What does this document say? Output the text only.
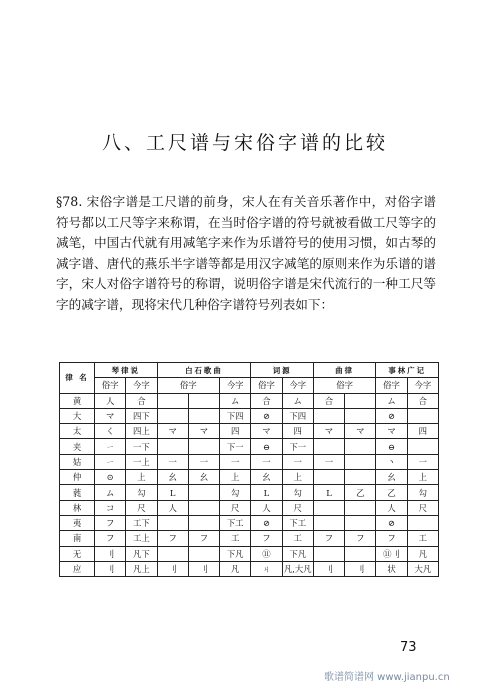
八、工尺谱与宋俗字谱的比较
§78. 宋俗字谱是工尺谱的前身，宋人在有关音乐著作中，对俗字谱符号都以工尺等字来称谓，在当时俗字谱的符号就被看做工尺等字的减笔，中国古代就有用减笔字来作为乐谱符号的使用习惯，如古琴的减字谱、唐代的燕乐半字谱等都是用汉字减笔的原则来作为乐谱的谱字，宋人对俗字谱符号的称谓，说明俗字谱是宋代流行的一种工尺等字的减字谱，现将宋代几种俗字谱符号列表如下：
律 名	琴律说		白石歌曲			词源		曲律		事林广记	
	俗字	今字	俗字		今字	俗字	今字	俗字		俗字	今字
黄	人	合			ム	合	ム	合		ム	合
大	マ	四下			下四	⊘	下四			⊘	
太	く	四上	マ	マ	四	マ	四	マ	マ	マ	四
夹	ㄧ	一下			下一	⊖	下一			⊖	
姑	ㄧ	一上	一	一	一	一	一	一		丶	一
仲	⊙	上	幺	幺	上	幺	上			幺	上
蕤	ム	勾	L		勾	L	勾	L	乙	乙	勾
林	コ	尺	人		尺	人	尺			人	尺
夷	フ	工下			下工	⊘	下工			⊘	
南	フ	工上	フ	フ	工	フ	工	フ	フ	フ	工
无	刂	凡下			下凡	⑪	下凡			⑪刂	凡
应	刂	凡上	刂	刂	凡	ㄐ	凡,大凡	刂	刂	状	大凡
73
歌谱简谱网 www.jianpu.cn
